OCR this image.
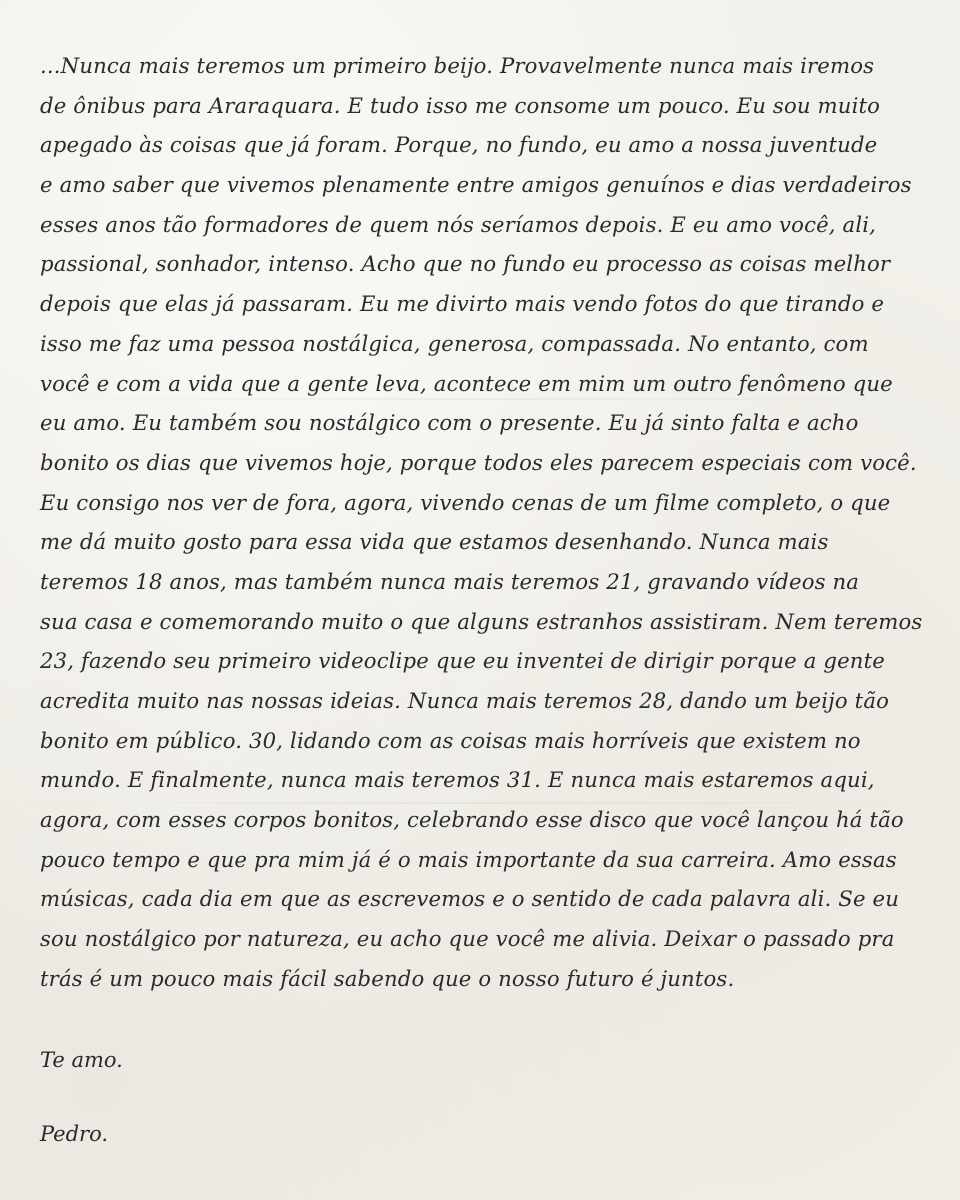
...Nunca mais teremos um primeiro beijo. Provavelmente nunca mais iremos
de ônibus para Araraquara. E tudo isso me consome um pouco. Eu sou muito
apegado às coisas que já foram. Porque, no fundo, eu amo a nossa juventude
e amo saber que vivemos plenamente entre amigos genuínos e dias verdadeiros
esses anos tão formadores de quem nós seríamos depois. E eu amo você, ali,
passional, sonhador, intenso. Acho que no fundo eu processo as coisas melhor
depois que elas já passaram. Eu me divirto mais vendo fotos do que tirando e
isso me faz uma pessoa nostálgica, generosa, compassada. No entanto, com
você e com a vida que a gente leva, acontece em mim um outro fenômeno que
eu amo. Eu também sou nostálgico com o presente. Eu já sinto falta e acho
bonito os dias que vivemos hoje, porque todos eles parecem especiais com você.
Eu consigo nos ver de fora, agora, vivendo cenas de um filme completo, o que
me dá muito gosto para essa vida que estamos desenhando. Nunca mais
teremos 18 anos, mas também nunca mais teremos 21, gravando vídeos na
sua casa e comemorando muito o que alguns estranhos assistiram. Nem teremos
23, fazendo seu primeiro videoclipe que eu inventei de dirigir porque a gente
acredita muito nas nossas ideias. Nunca mais teremos 28, dando um beijo tão
bonito em público. 30, lidando com as coisas mais horríveis que existem no
mundo. E finalmente, nunca mais teremos 31. E nunca mais estaremos aqui,
agora, com esses corpos bonitos, celebrando esse disco que você lançou há tão
pouco tempo e que pra mim já é o mais importante da sua carreira. Amo essas
músicas, cada dia em que as escrevemos e o sentido de cada palavra ali. Se eu
sou nostálgico por natureza, eu acho que você me alivia. Deixar o passado pra
trás é um pouco mais fácil sabendo que o nosso futuro é juntos.
Te amo.
Pedro.
